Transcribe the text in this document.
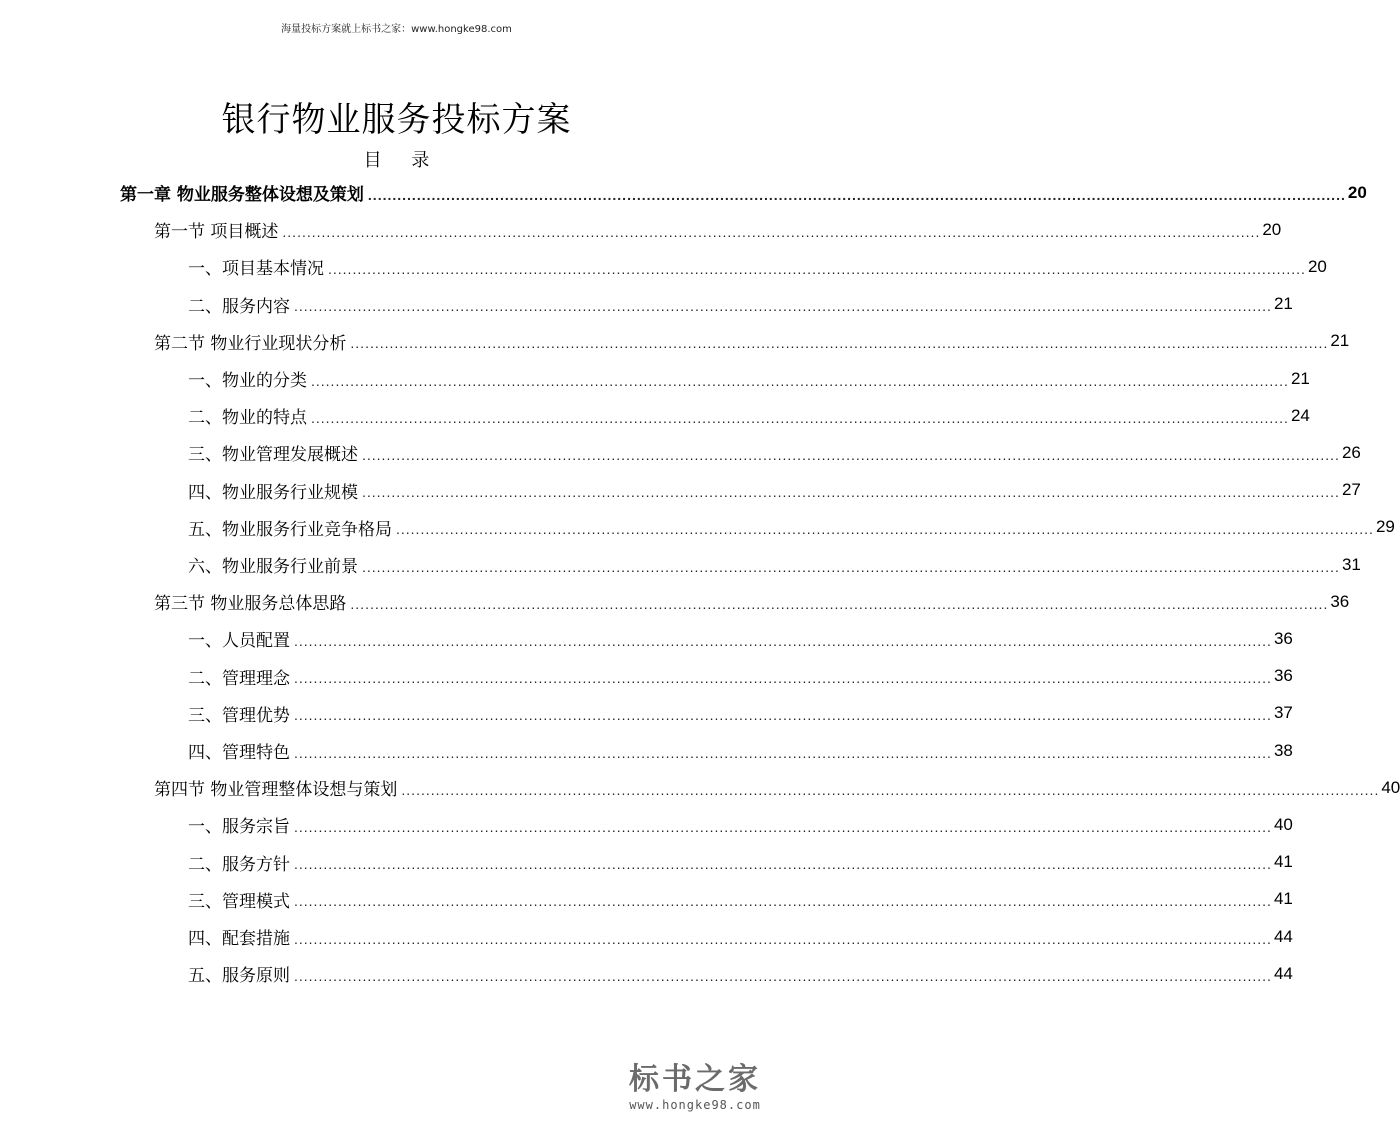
海量投标方案就上标书之家：www.hongke98.com
银行物业服务投标方案
目 录
第一章 物业服务整体设想及策划 ........................................................................................................................................................................................................ 20
第一节 项目概述 ........................................................................................................................................................................................................ 20
一、项目基本情况 ........................................................................................................................................................................................................ 20
二、服务内容 ........................................................................................................................................................................................................ 21
第二节 物业行业现状分析 ........................................................................................................................................................................................................ 21
一、物业的分类 ........................................................................................................................................................................................................ 21
二、物业的特点 ........................................................................................................................................................................................................ 24
三、物业管理发展概述 ........................................................................................................................................................................................................ 26
四、物业服务行业规模 ........................................................................................................................................................................................................ 27
五、物业服务行业竞争格局 ........................................................................................................................................................................................................ 29
六、物业服务行业前景 ........................................................................................................................................................................................................ 31
第三节 物业服务总体思路 ........................................................................................................................................................................................................ 36
一、人员配置 ........................................................................................................................................................................................................ 36
二、管理理念 ........................................................................................................................................................................................................ 36
三、管理优势 ........................................................................................................................................................................................................ 37
四、管理特色 ........................................................................................................................................................................................................ 38
第四节 物业管理整体设想与策划 ........................................................................................................................................................................................................ 40
一、服务宗旨 ........................................................................................................................................................................................................ 40
二、服务方针 ........................................................................................................................................................................................................ 41
三、管理模式 ........................................................................................................................................................................................................ 41
四、配套措施 ........................................................................................................................................................................................................ 44
五、服务原则 ........................................................................................................................................................................................................ 44
标书之家
www.hongke98.com
